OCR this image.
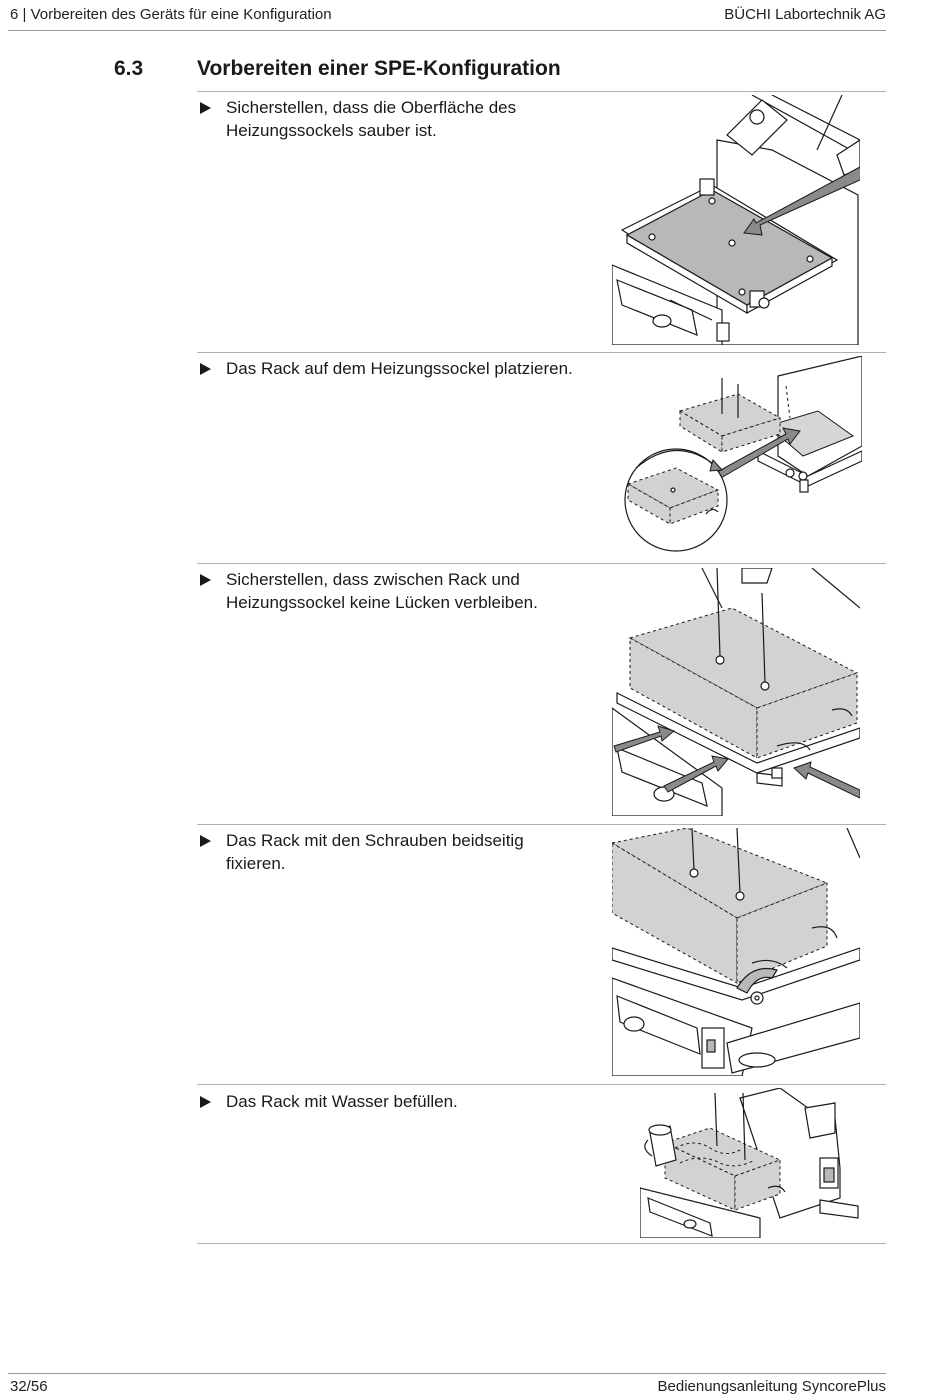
6 | Vorbereiten des Geräts für eine Konfiguration	BÜCHI Labortechnik AG
6.3	Vorbereiten einer SPE-Konfiguration
Sicherstellen, dass die Oberfläche des
Heizungssockels sauber ist.
Das Rack auf dem Heizungssockel platzieren.
Sicherstellen, dass zwischen Rack und
Heizungssockel keine Lücken verbleiben.
Das Rack mit den Schrauben beidseitig
fixieren.
Das Rack mit Wasser befüllen.
32/56	Bedienungsanleitung SyncorePlus
